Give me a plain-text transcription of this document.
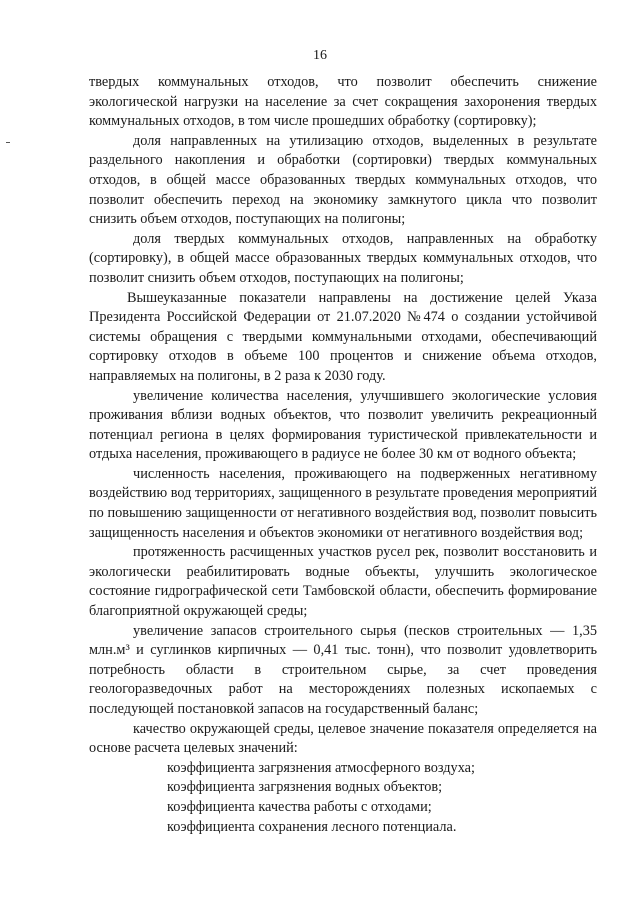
16

твердых коммунальных отходов, что позволит обеспечить снижение экологической нагрузки на население за счет сокращения захоронения твердых коммунальных отходов, в том числе прошедших обработку (сортировку);

доля направленных на утилизацию отходов, выделенных в результате раздельного накопления и обработки (сортировки) твердых коммунальных отходов, в общей массе образованных твердых коммунальных отходов, что позволит обеспечить переход на экономику замкнутого цикла что позволит снизить объем отходов, поступающих на полигоны;

доля твердых коммунальных отходов, направленных на обработку (сортировку), в общей массе образованных твердых коммунальных отходов, что позволит снизить объем отходов, поступающих на полигоны;

Вышеуказанные показатели направлены на достижение целей Указа Президента Российской Федерации от 21.07.2020 №474 о создании устойчивой системы обращения с твердыми коммунальными отходами, обеспечивающий сортировку отходов в объеме 100 процентов и снижение объема отходов, направляемых на полигоны, в 2 раза к 2030 году.

увеличение количества населения, улучшившего экологические условия проживания вблизи водных объектов, что позволит увеличить рекреационный потенциал региона в целях формирования туристической привлекательности и отдыха населения, проживающего в радиусе не более 30 км от водного объекта;

численность населения, проживающего на подверженных негативному воздействию вод территориях, защищенного в результате проведения мероприятий по повышению защищенности от негативного воздействия вод, позволит повысить защищенность населения и объектов экономики от негативного воздействия вод;

протяженность расчищенных участков русел рек, позволит восстановить и экологически реабилитировать водные объекты, улучшить экологическое состояние гидрографической сети Тамбовской области, обеспечить формирование благоприятной окружающей среды;

увеличение запасов строительного сырья (песков строительных — 1,35 млн.м³ и суглинков кирпичных — 0,41 тыс. тонн), что позволит удовлетворить потребность области в строительном сырье, за счет проведения геологоразведочных работ на месторождениях полезных ископаемых с последующей постановкой запасов на государственный баланс;

качество окружающей среды, целевое значение показателя определяется на основе расчета целевых значений:

коэффициента загрязнения атмосферного воздуха;

коэффициента загрязнения водных объектов;

коэффициента качества работы с отходами;

коэффициента сохранения лесного потенциала.
